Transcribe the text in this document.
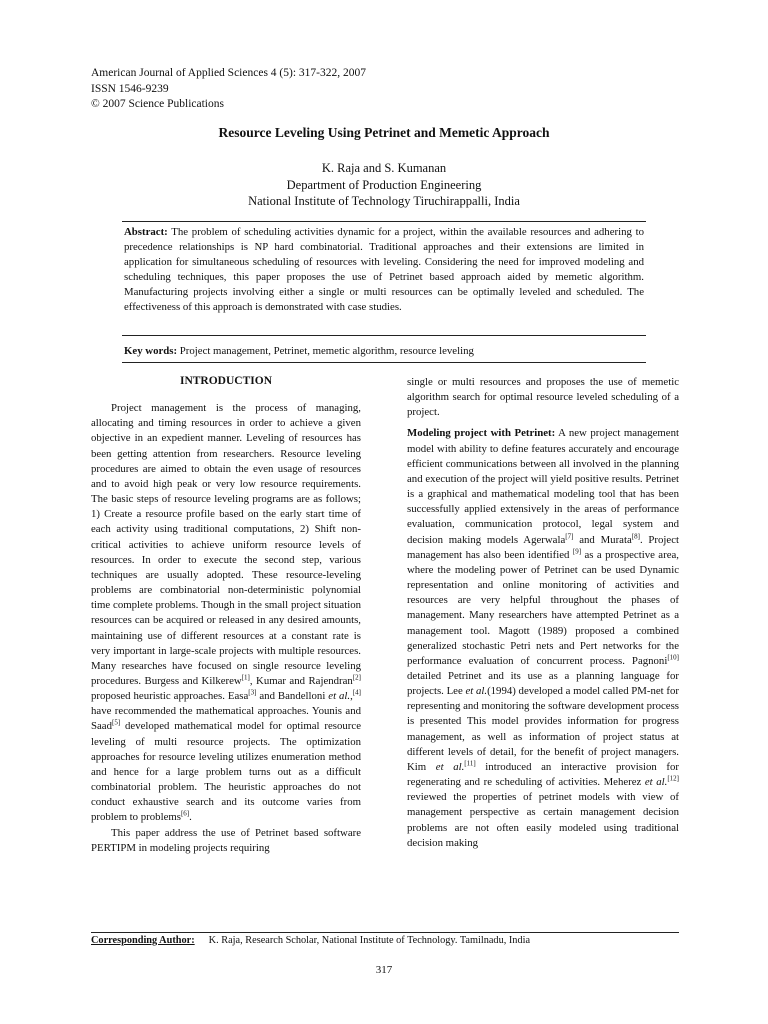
American Journal of Applied Sciences 4 (5): 317-322, 2007
ISSN 1546-9239
© 2007 Science Publications
Resource Leveling Using Petrinet and Memetic Approach
K. Raja and S. Kumanan
Department of Production Engineering
National Institute of Technology Tiruchirappalli, India
Abstract: The problem of scheduling activities dynamic for a project, within the available resources and adhering to precedence relationships is NP hard combinatorial. Traditional approaches and their extensions are limited in application for simultaneous scheduling of resources with leveling. Considering the need for improved modeling and scheduling techniques, this paper proposes the use of Petrinet based approach aided by memetic algorithm. Manufacturing projects involving either a single or multi resources can be optimally leveled and scheduled. The effectiveness of this approach is demonstrated with case studies.
Key words: Project management, Petrinet, memetic algorithm, resource leveling
INTRODUCTION

Project management is the process of managing, allocating and timing resources in order to achieve a given objective in an expedient manner. Leveling of resources has been getting attention from researchers. Resource leveling procedures are aimed to obtain the even usage of resources and to avoid high peak or very low resource requirements. The basic steps of resource leveling programs are as follows; 1) Create a resource profile based on the early start time of each activity using traditional computations, 2) Shift non- critical activities to achieve uniform resource levels of resources. In order to execute the second step, various techniques are usually adopted. These resource-leveling problems are combinatorial non-deterministic polynomial time complete problems. Though in the small project situation resources can be acquired or released in any desired amounts, maintaining use of different resources at a constant rate is very important in large-scale projects with multiple resources. Many researches have focused on single resource leveling procedures. Burgess and Kilkerew[1], Kumar and Rajendran[2] proposed heuristic approaches. Easa[3] and Bandelloni et al.,[4] have recommended the mathematical approaches. Younis and Saad[5] developed mathematical model for optimal resource leveling of multi resource projects. The optimization approaches for resource leveling utilizes enumeration method and hence for a large problem turns out as a difficult combinatorial problem. The heuristic approaches do not conduct exhaustive search and its outcome varies from problem to problems[6].

This paper address the use of Petrinet based software PERTIPM in modeling projects requiring

single or multi resources and proposes the use of memetic algorithm search for optimal resource leveled scheduling of a project.

Modeling project with Petrinet: A new project management model with ability to define features accurately and encourage efficient communications between all involved in the planning and execution of the project will yield positive results. Petrinet is a graphical and mathematical modeling tool that has been successfully applied extensively in the areas of performance evaluation, communication protocol, legal system and decision making models Agerwala[7] and Murata[8]. Project management has also been identified [9] as a prospective area, where the modeling power of Petrinet can be used Dynamic representation and online monitoring of activities and resources are very helpful throughout the phases of management. Many researchers have attempted Petrinet as a management tool. Magott (1989) proposed a combined generalized stochastic Petri nets and Pert networks for the performance evaluation of concurrent process. Pagnoni[10] detailed Petrinet and its use as a planning language for projects. Lee et al.(1994) developed a model called PM-net for representing and monitoring the software development process is presented This model provides information for progress management, as well as information of project status at different levels of detail, for the benefit of project managers. Kim et al.[11] introduced an interactive provision for regenerating and re scheduling of activities. Meherez et al.[12] reviewed the properties of petrinet models with view of management perspective as certain management decision problems are not often easily modeled using traditional decision making

Corresponding Author: K. Raja, Research Scholar, National Institute of Technology. Tamilnadu, India
317
